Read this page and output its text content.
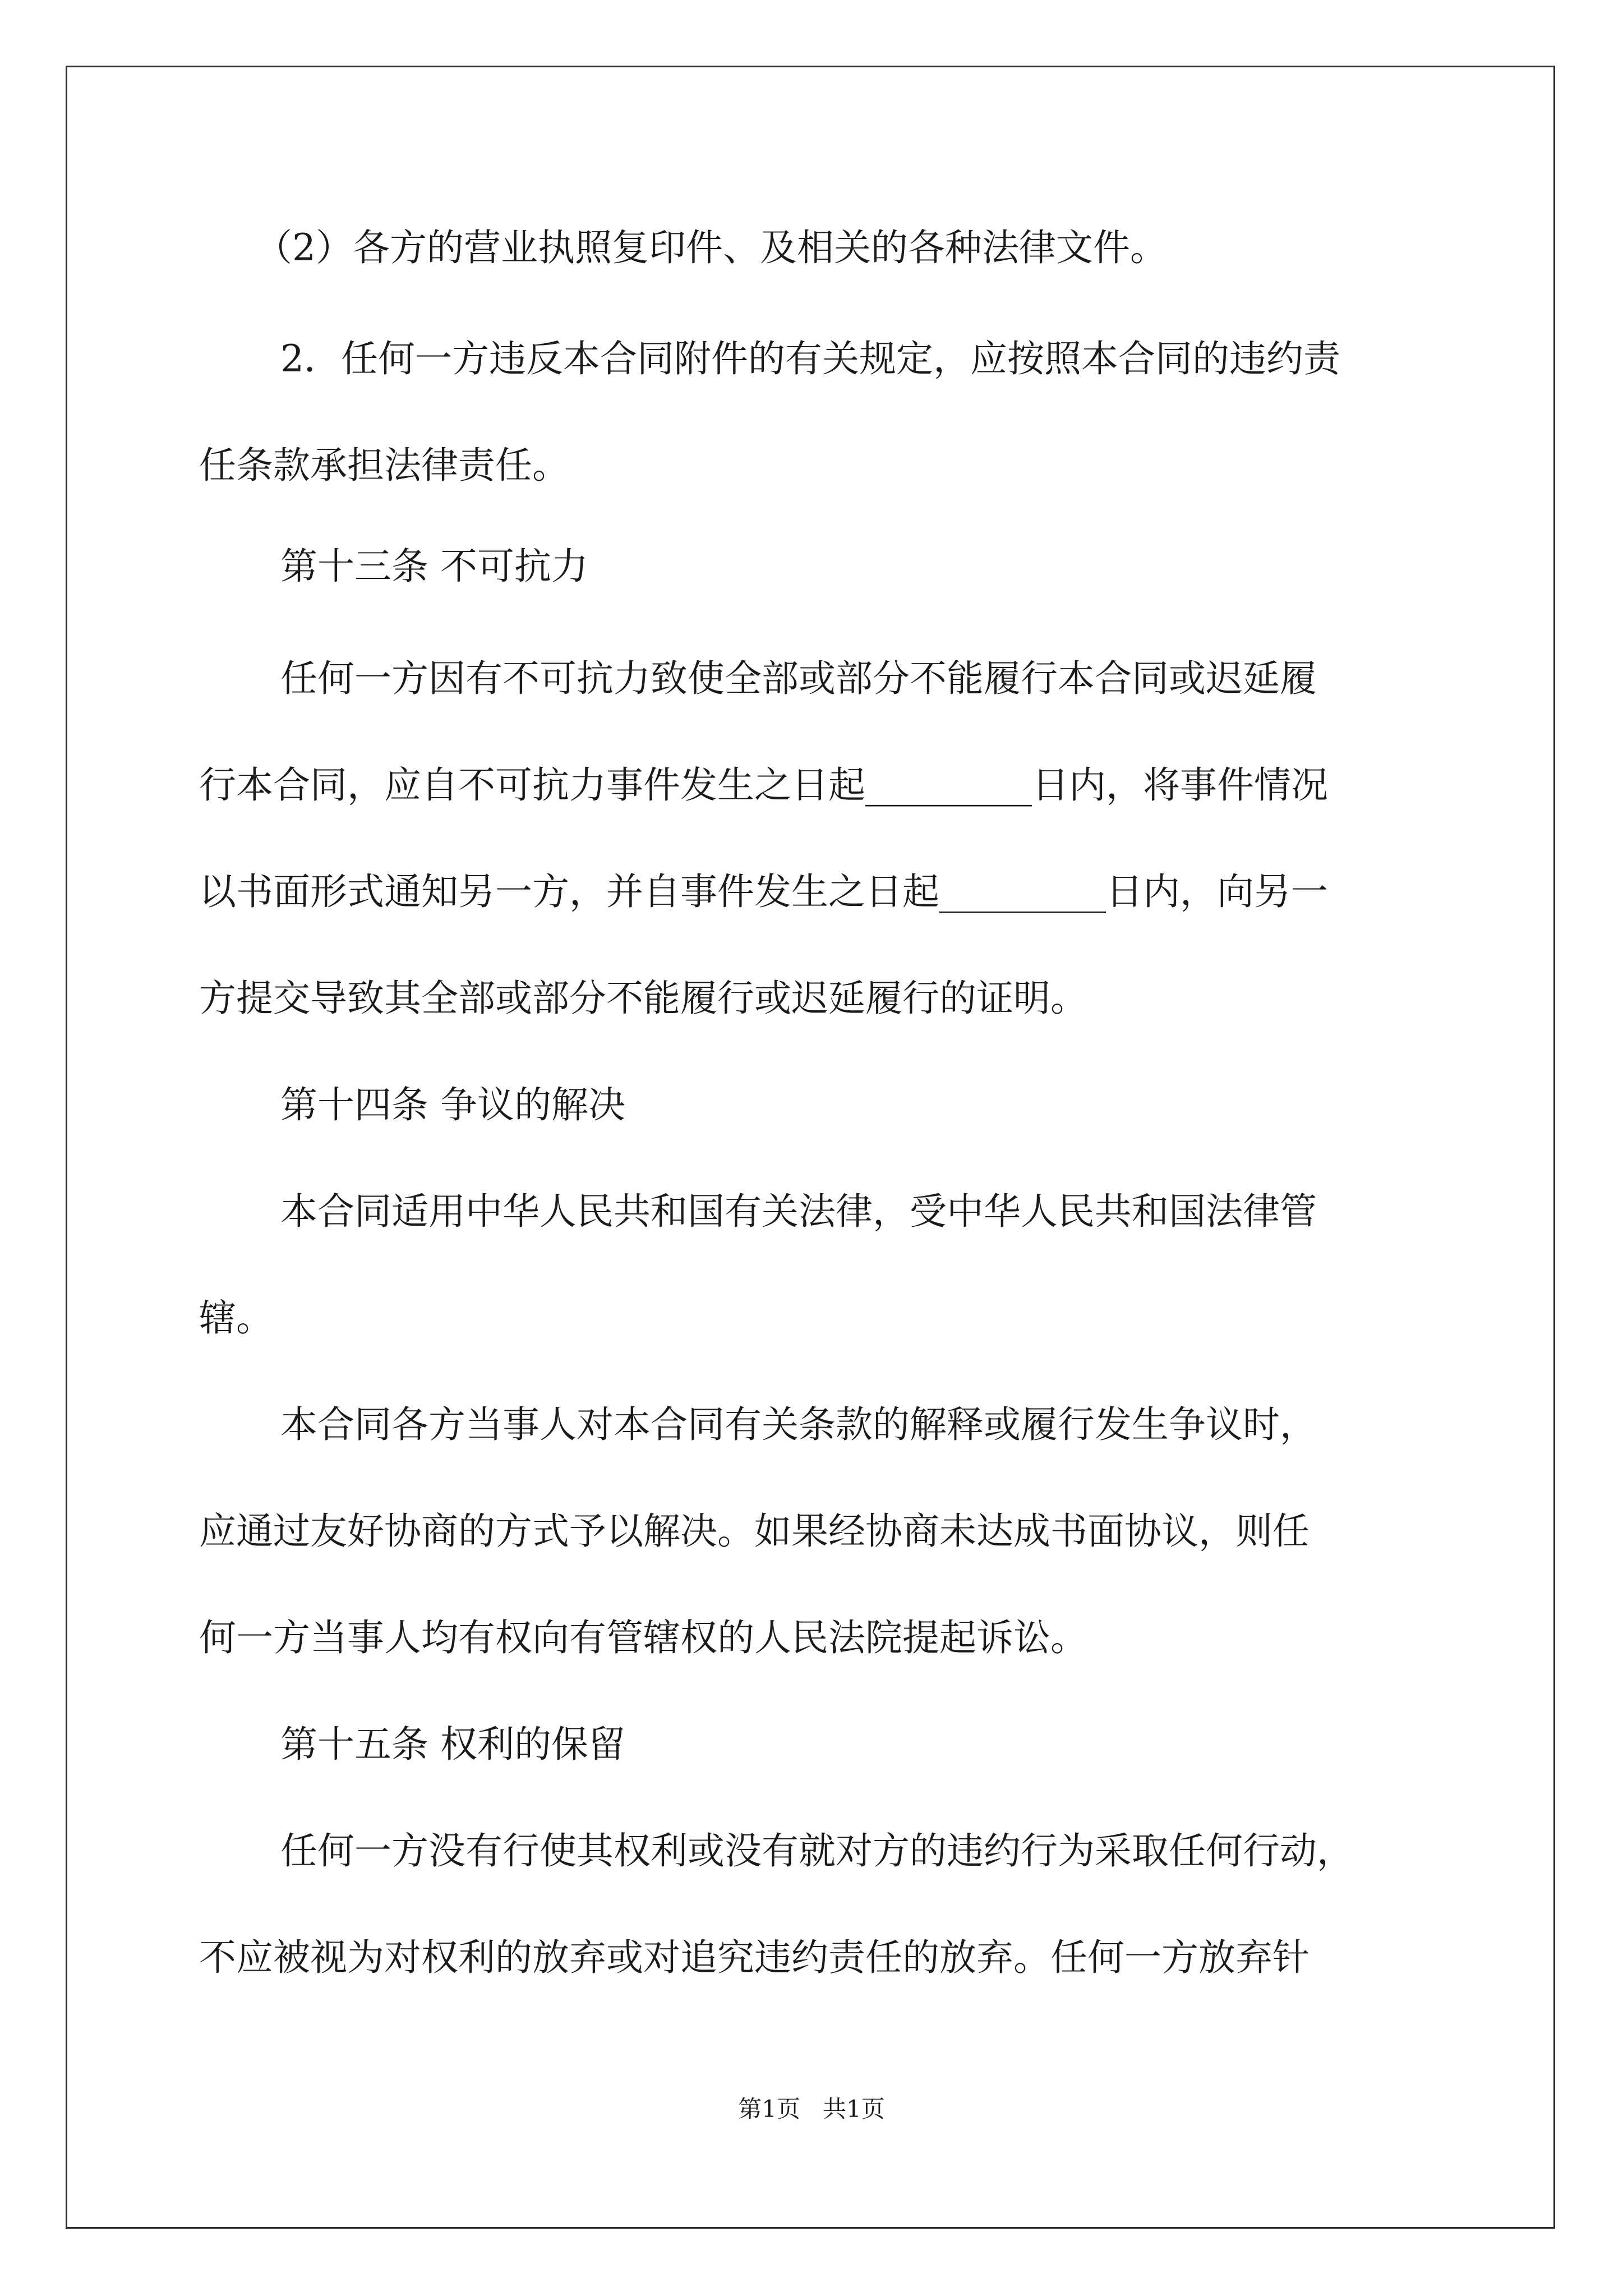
（2）各方的营业执照复印件、及相关的各种法律文件。

2．任何一方违反本合同附件的有关规定，应按照本合同的违约责

任条款承担法律责任。

第十三条 不可抗力

任何一方因有不可抗力致使全部或部分不能履行本合同或迟延履

行本合同，应自不可抗力事件发生之日起_________日内，将事件情况

以书面形式通知另一方，并自事件发生之日起_________日内，向另一

方提交导致其全部或部分不能履行或迟延履行的证明。

第十四条 争议的解决

本合同适用中华人民共和国有关法律，受中华人民共和国法律管

辖。

本合同各方当事人对本合同有关条款的解释或履行发生争议时，

应通过友好协商的方式予以解决。如果经协商未达成书面协议，则任

何一方当事人均有权向有管辖权的人民法院提起诉讼。

第十五条 权利的保留

任何一方没有行使其权利或没有就对方的违约行为采取任何行动，

不应被视为对权利的放弃或对追究违约责任的放弃。任何一方放弃针

第1页 共1页
